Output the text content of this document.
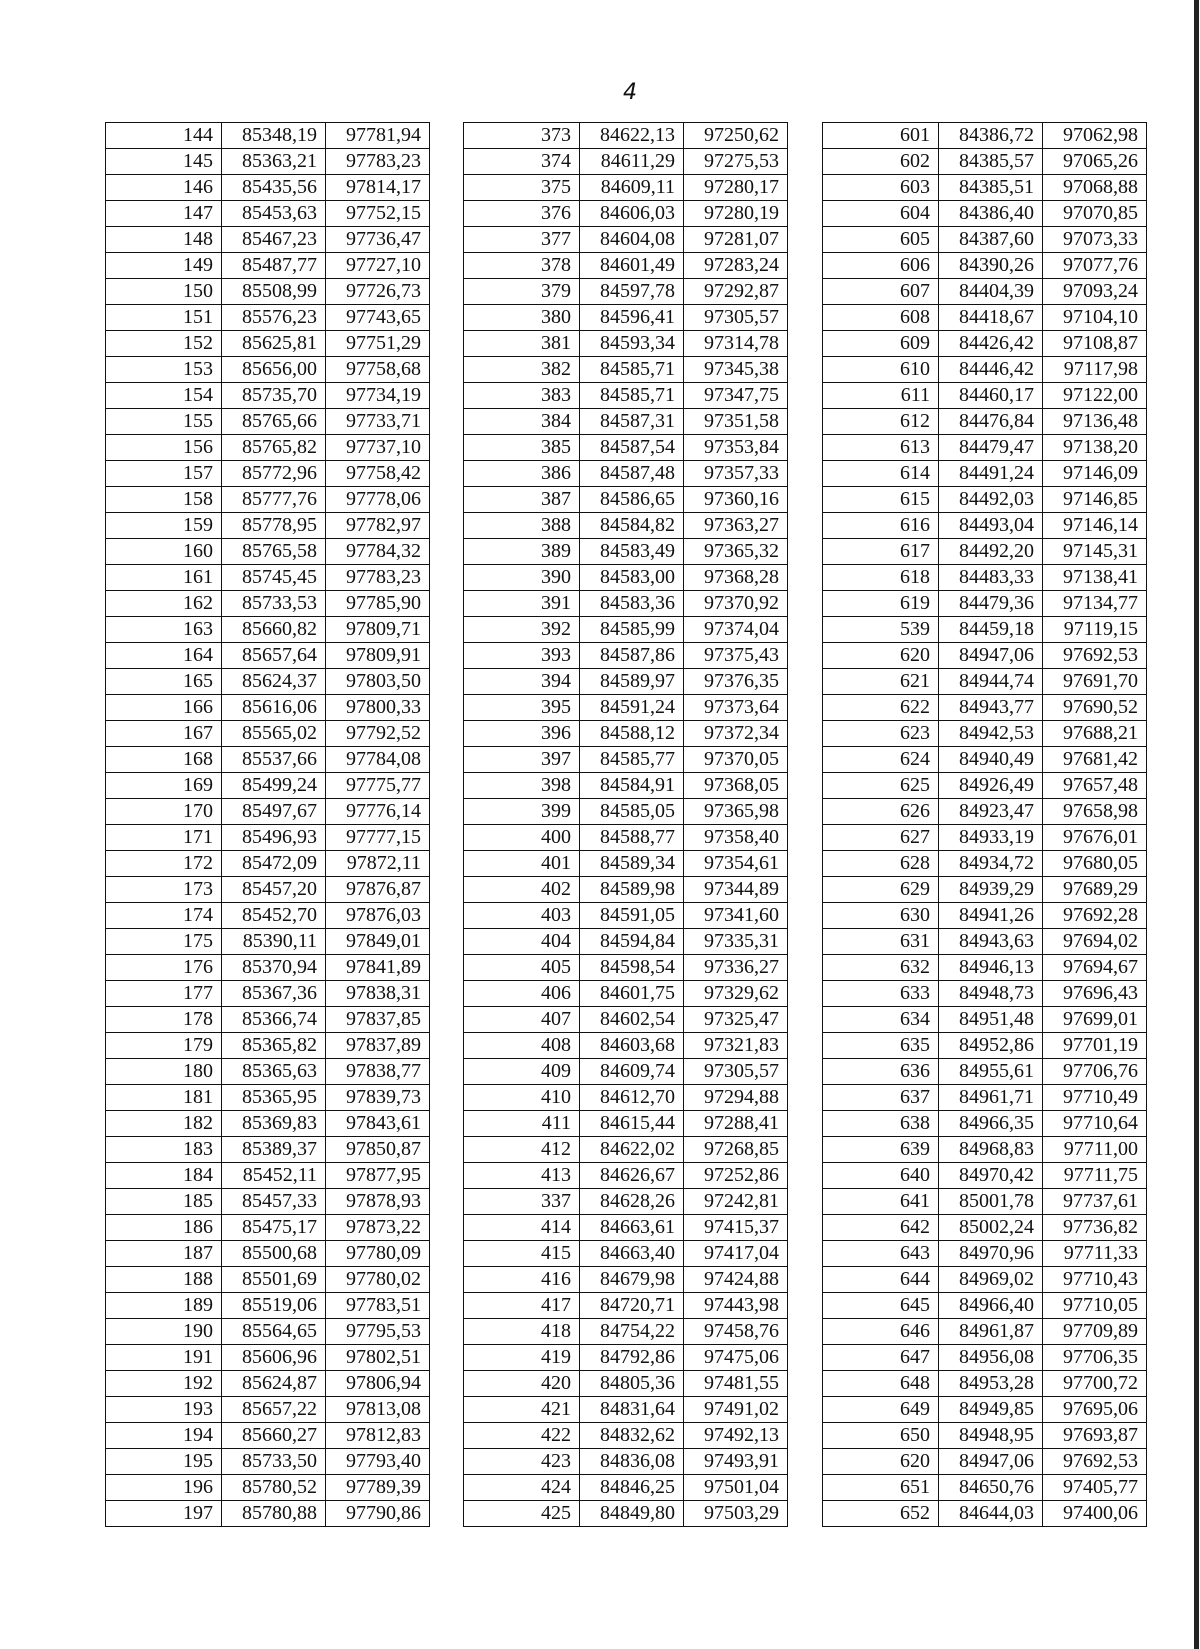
4
144	85348,19	97781,94
145	85363,21	97783,23
146	85435,56	97814,17
147	85453,63	97752,15
148	85467,23	97736,47
149	85487,77	97727,10
150	85508,99	97726,73
151	85576,23	97743,65
152	85625,81	97751,29
153	85656,00	97758,68
154	85735,70	97734,19
155	85765,66	97733,71
156	85765,82	97737,10
157	85772,96	97758,42
158	85777,76	97778,06
159	85778,95	97782,97
160	85765,58	97784,32
161	85745,45	97783,23
162	85733,53	97785,90
163	85660,82	97809,71
164	85657,64	97809,91
165	85624,37	97803,50
166	85616,06	97800,33
167	85565,02	97792,52
168	85537,66	97784,08
169	85499,24	97775,77
170	85497,67	97776,14
171	85496,93	97777,15
172	85472,09	97872,11
173	85457,20	97876,87
174	85452,70	97876,03
175	85390,11	97849,01
176	85370,94	97841,89
177	85367,36	97838,31
178	85366,74	97837,85
179	85365,82	97837,89
180	85365,63	97838,77
181	85365,95	97839,73
182	85369,83	97843,61
183	85389,37	97850,87
184	85452,11	97877,95
185	85457,33	97878,93
186	85475,17	97873,22
187	85500,68	97780,09
188	85501,69	97780,02
189	85519,06	97783,51
190	85564,65	97795,53
191	85606,96	97802,51
192	85624,87	97806,94
193	85657,22	97813,08
194	85660,27	97812,83
195	85733,50	97793,40
196	85780,52	97789,39
197	85780,88	97790,86
373	84622,13	97250,62
374	84611,29	97275,53
375	84609,11	97280,17
376	84606,03	97280,19
377	84604,08	97281,07
378	84601,49	97283,24
379	84597,78	97292,87
380	84596,41	97305,57
381	84593,34	97314,78
382	84585,71	97345,38
383	84585,71	97347,75
384	84587,31	97351,58
385	84587,54	97353,84
386	84587,48	97357,33
387	84586,65	97360,16
388	84584,82	97363,27
389	84583,49	97365,32
390	84583,00	97368,28
391	84583,36	97370,92
392	84585,99	97374,04
393	84587,86	97375,43
394	84589,97	97376,35
395	84591,24	97373,64
396	84588,12	97372,34
397	84585,77	97370,05
398	84584,91	97368,05
399	84585,05	97365,98
400	84588,77	97358,40
401	84589,34	97354,61
402	84589,98	97344,89
403	84591,05	97341,60
404	84594,84	97335,31
405	84598,54	97336,27
406	84601,75	97329,62
407	84602,54	97325,47
408	84603,68	97321,83
409	84609,74	97305,57
410	84612,70	97294,88
411	84615,44	97288,41
412	84622,02	97268,85
413	84626,67	97252,86
337	84628,26	97242,81
414	84663,61	97415,37
415	84663,40	97417,04
416	84679,98	97424,88
417	84720,71	97443,98
418	84754,22	97458,76
419	84792,86	97475,06
420	84805,36	97481,55
421	84831,64	97491,02
422	84832,62	97492,13
423	84836,08	97493,91
424	84846,25	97501,04
425	84849,80	97503,29
601	84386,72	97062,98
602	84385,57	97065,26
603	84385,51	97068,88
604	84386,40	97070,85
605	84387,60	97073,33
606	84390,26	97077,76
607	84404,39	97093,24
608	84418,67	97104,10
609	84426,42	97108,87
610	84446,42	97117,98
611	84460,17	97122,00
612	84476,84	97136,48
613	84479,47	97138,20
614	84491,24	97146,09
615	84492,03	97146,85
616	84493,04	97146,14
617	84492,20	97145,31
618	84483,33	97138,41
619	84479,36	97134,77
539	84459,18	97119,15
620	84947,06	97692,53
621	84944,74	97691,70
622	84943,77	97690,52
623	84942,53	97688,21
624	84940,49	97681,42
625	84926,49	97657,48
626	84923,47	97658,98
627	84933,19	97676,01
628	84934,72	97680,05
629	84939,29	97689,29
630	84941,26	97692,28
631	84943,63	97694,02
632	84946,13	97694,67
633	84948,73	97696,43
634	84951,48	97699,01
635	84952,86	97701,19
636	84955,61	97706,76
637	84961,71	97710,49
638	84966,35	97710,64
639	84968,83	97711,00
640	84970,42	97711,75
641	85001,78	97737,61
642	85002,24	97736,82
643	84970,96	97711,33
644	84969,02	97710,43
645	84966,40	97710,05
646	84961,87	97709,89
647	84956,08	97706,35
648	84953,28	97700,72
649	84949,85	97695,06
650	84948,95	97693,87
620	84947,06	97692,53
651	84650,76	97405,77
652	84644,03	97400,06
